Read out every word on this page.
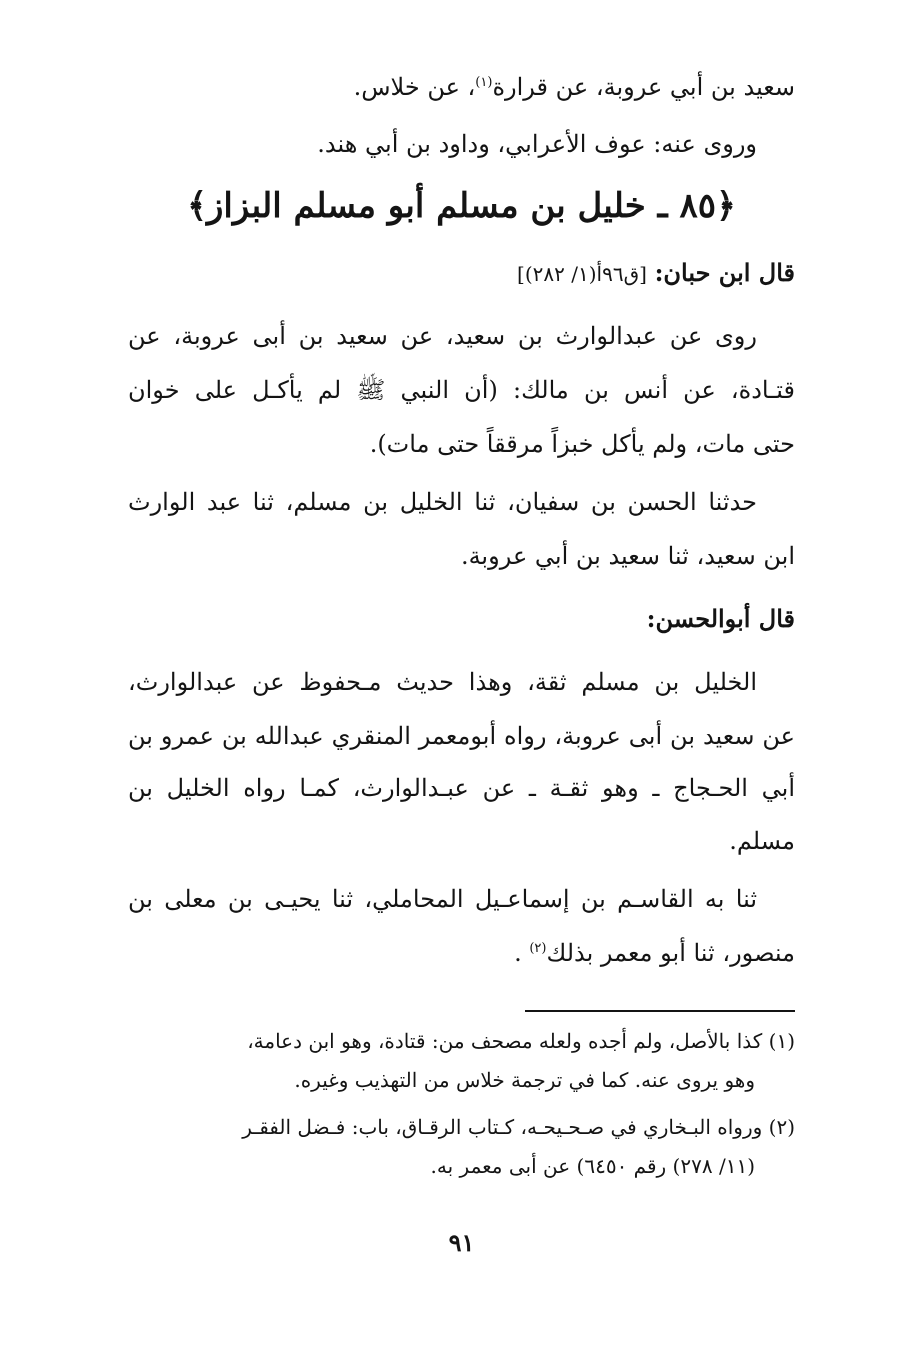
سعيد بن أبي عروبة، عن قرارة$^{(١)}$، عن خلاس.
وروى عنه: عوف الأعرابي، وداود بن أبي هند.
﴿٨٥ ـ خليل بن مسلم أبو مسلم البزاز﴾
قال ابن حبان: [ق٩٦أ(١/ ٢٨٢)]
روى عن عبدالوارث بن سعيد، عن سعيد بن أبى عروبة، عن
قتـادة، عن أنس بن مالك: (أن النبي ﷺ لم يأكـل على خوان
حتى مات، ولم يأكل خبزاً مرققاً حتى مات).
حدثنا الحسن بن سفيان، ثنا الخليل بن مسلم، ثنا عبد الوارث
ابن سعيد، ثنا سعيد بن أبي عروبة.
قال أبوالحسن:
الخليل بن مسلم ثقة، وهذا حديث مـحفوظ عن عبدالوارث،
عن سعيد بن أبى عروبة، رواه أبومعمر المنقري عبدالله بن عمرو بن
أبي الحـجاج ـ وهو ثقـة ـ عن عبـدالوارث، كمـا رواه الخليل بن
مسلم.
ثنا به القاسـم بن إسماعـيل المحاملي، ثنا يحيـى بن معلى بن
منصور، ثنا أبو معمر بذلك$^{(٢)}$ .
(١) كذا بالأصل، ولم أجده ولعله مصحف من: قتادة، وهو ابن دعامة،
وهو يروى عنه. كما في ترجمة خلاس من التهذيب وغيره.
(٢) ورواه البـخاري في صـحـيحـه، كـتاب الرقـاق، باب: فـضل الفقـر
(١١/ ٢٧٨) رقم ٦٤٥٠) عن أبى معمر به.
٩١
